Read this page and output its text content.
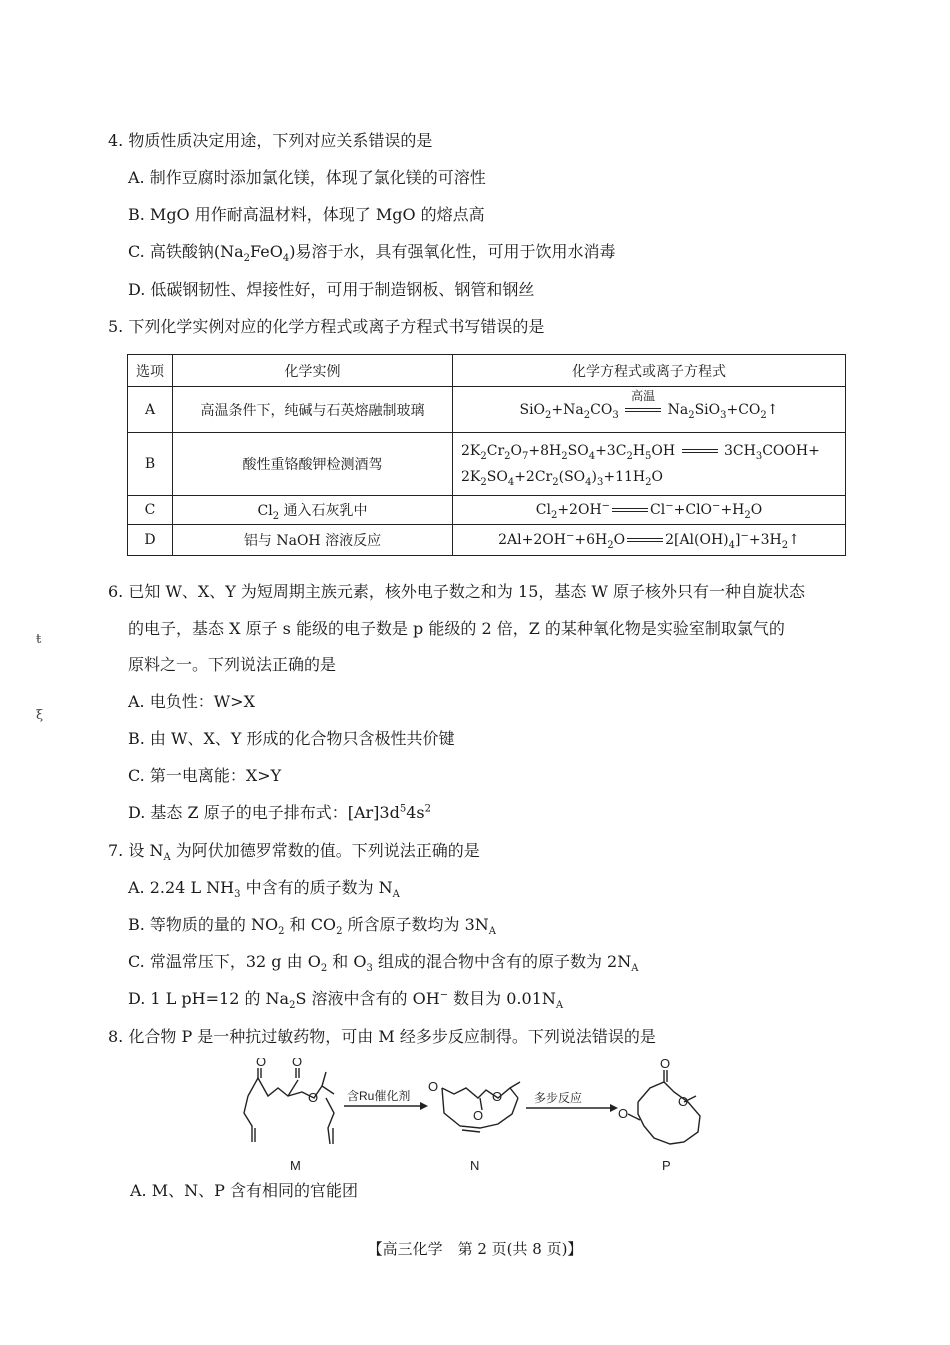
4. 物质性质决定用途，下列对应关系错误的是
A. 制作豆腐时添加氯化镁，体现了氯化镁的可溶性
B. MgO 用作耐高温材料，体现了 MgO 的熔点高
C. 高铁酸钠$(Na_2FeO_4)$易溶于水，具有强氧化性，可用于饮用水消毒
D. 低碳钢韧性、焊接性好，可用于制造钢板、钢管和钢丝
5. 下列化学实例对应的化学方程式或离子方程式书写错误的是
选项	化学实例	化学方程式或离子方程式
A	高温条件下，纯碱与石英熔融制玻璃	$SiO_2+Na_2CO_3$
高温
$Na_2SiO_3+CO_2↑$
B	酸性重铬酸钾检测酒驾	$2K_2Cr_2O_7+8H_2SO_4+3C_2H_5OH$ $3CH_3COOH+$
$2K_2SO_4+2Cr_2(SO_4)_3+11H_2O$
C	$Cl_2$ 通入石灰乳中	$Cl_2+2OH^-$ $Cl^-+ClO^-+H_2O$
D	铝与 NaOH 溶液反应	$2Al+2OH^-+6H_2O$ $2[Al(OH)_4]^-+3H_2↑$
6. 已知 W、X、Y 为短周期主族元素，核外电子数之和为 15，基态 W 原子核外只有一种自旋状态
的电子，基态 X 原子 s 能级的电子数是 p 能级的 2 倍，Z 的某种氧化物是实验室制取氯气的
原料之一。下列说法正确的是
A. 电负性：W>X
B. 由 W、X、Y 形成的化合物只含极性共价键
C. 第一电离能：X>Y
D. 基态 Z 原子的电子排布式：$[Ar]3d^54s^2$
7. 设 $N_A$ 为阿伏加德罗常数的值。下列说法正确的是
A. 2.24 L $NH_3$ 中含有的质子数为 $N_A$
B. 等物质的量的 $NO_2$ 和 $CO_2$ 所含原子数均为 $3N_A$
C. 常温常压下，32 g 由 $O_2$ 和 $O_3$ 组成的混合物中含有的原子数为 $2N_A$
D. 1 L pH=12 的 $Na_2S$ 溶液中含有的 OH− 数目为 $0.01N_A$
8. 化合物 P 是一种抗过敏药物，可由 M 经多步反应制得。下列说法错误的是
O O
O 含Ru催化剂
O
O
O	多步反应
O
O
O
M	N	P
A. M、N、P 含有相同的官能团
【高三化学　第 2 页(共 8 页)】
ŧ
ξ
